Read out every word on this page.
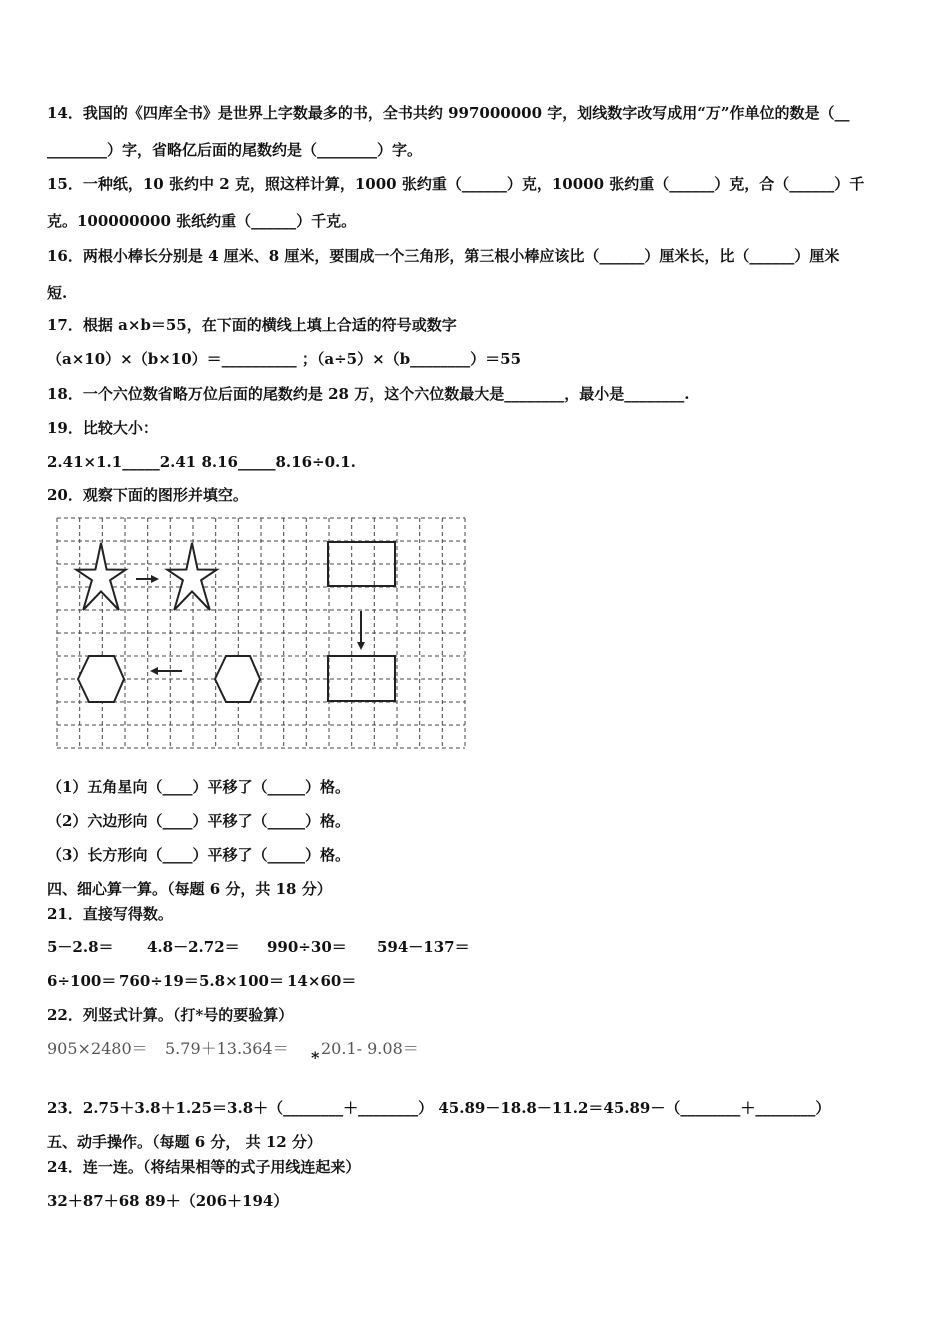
14．我国的《四库全书》是世界上字数最多的书，全书共约 997000000 字，划线数字改写成用“万”作单位的数是（__
________）字，省略亿后面的尾数约是（________）字。
15．一种纸，10 张约中 2 克，照这样计算，1000 张约重（______）克，10000 张约重（______）克，合（______）千
克。100000000 张纸约重（______）千克。
16．两根小棒长分别是 4 厘米、8 厘米，要围成一个三角形，第三根小棒应该比（______）厘米长，比（______）厘米
短.
17．根据 a×b＝55，在下面的横线上填上合适的符号或数字
（a×10）×（b×10）＝__________ ；（a÷5）×（b________）＝55
18．一个六位数省略万位后面的尾数约是 28 万，这个六位数最大是________，最小是________.
19．比较大小：
2.41×1.1_____2.41 8.16_____8.16÷0.1.
20．观察下面的图形并填空。
（1）五角星向（____）平移了（_____）格。
（2）六边形向（____）平移了（_____）格。
（3）长方形向（____）平移了（_____）格。
四、细心算一算。（每题 6 分，共 18 分）
21．直接写得数。
5－2.8＝ 4.8－2.72＝ 990÷30＝ 594－137＝
6÷100＝ 760÷19＝5.8×100＝ 14×60＝
22．列竖式计算。（打*号的要验算）
905×2480＝ 5.79＋13.364＝ * 20.1- 9.08＝
23．2.75＋3.8＋1.25＝3.8＋（________＋________） 45.89－18.8－11.2＝45.89－（________＋________）
五、动手操作。（每题 6 分， 共 12 分）
24．连一连。（将结果相等的式子用线连起来）
32＋87＋68 89＋（206＋194）
